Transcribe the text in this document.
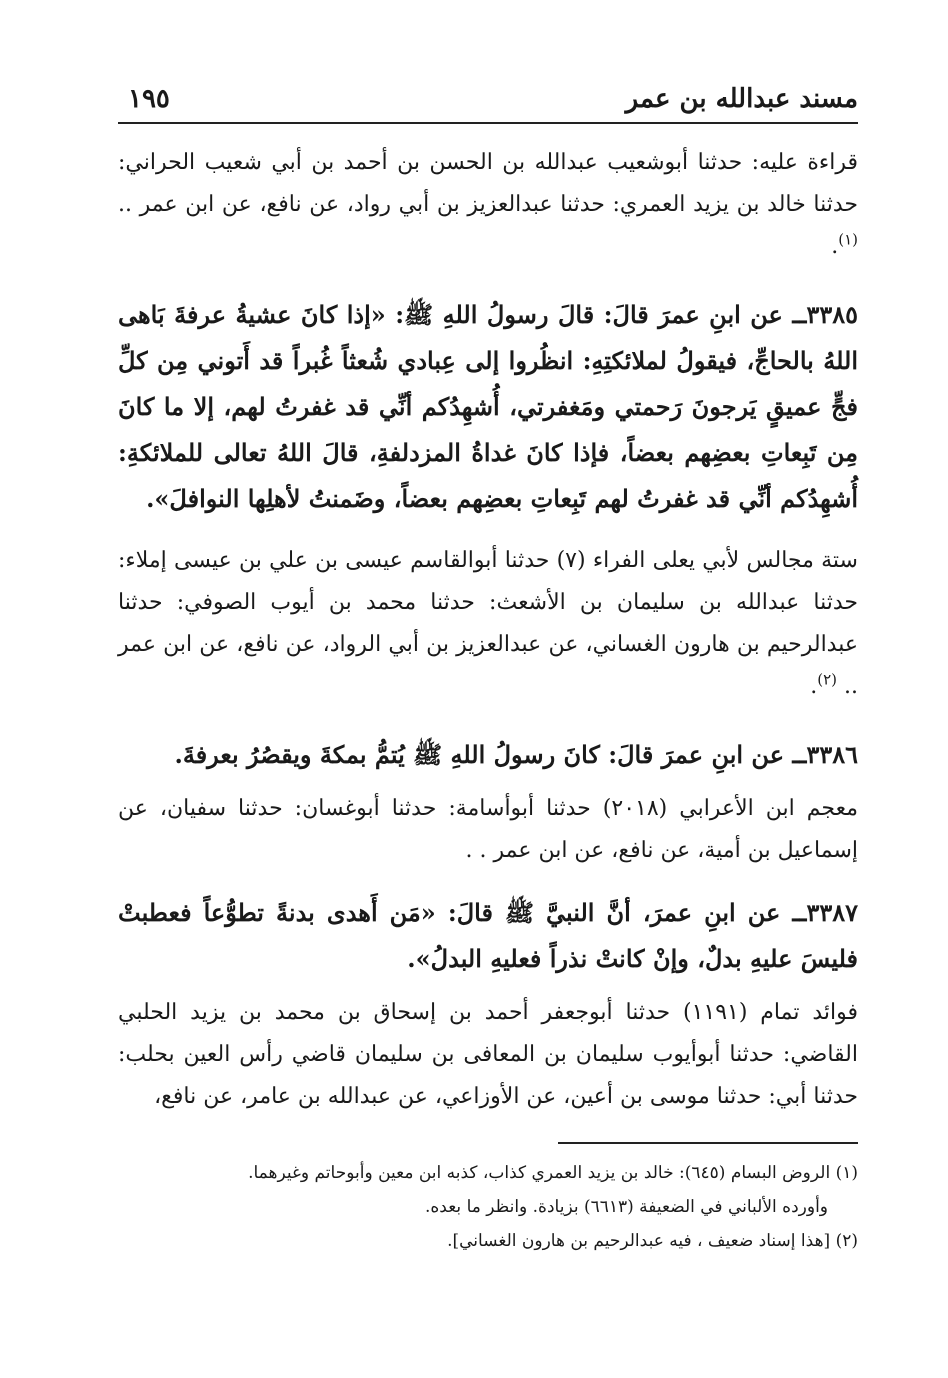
مسند عبدالله بن عمر
١٩٥

قراءة عليه: حدثنا أبوشعيب عبدالله بن الحسن بن أحمد بن أبي شعيب الحراني: حدثنا خالد بن يزيد العمري: حدثنا عبدالعزيز بن أبي رواد، عن نافع، عن ابن عمر .. $^{(١)}$.

٣٣٨٥ــ عن ابنِ عمرَ قالَ: قالَ رسولُ اللهِ ﷺ: «إذا كانَ عشيةُ عرفةَ بَاهى اللهُ بالحاجِّ، فيقولُ لملائكتِهِ: انظُروا إلى عِبادي شُعثاً غُبراً قد أَتوني مِن كلِّ فجٍّ عميقٍ يَرجونَ رَحمتي ومَغفرتي، أُشهِدُكم أنِّي قد غفرتُ لهم، إلا ما كانَ مِن تَبِعاتِ بعضِهم بعضاً، فإذا كانَ غداةُ المزدلفةِ، قالَ اللهُ تعالى للملائكةِ: أُشهِدُكم أنِّي قد غفرتُ لهم تَبِعاتِ بعضِهم بعضاً، وضَمنتُ لأهلِها النوافلَ».

ستة مجالس لأبي يعلى الفراء (٧) حدثنا أبوالقاسم عيسى بن علي بن عيسى إملاء: حدثنا عبدالله بن سليمان بن الأشعث: حدثنا محمد بن أيوب الصوفي: حدثنا عبدالرحيم بن هارون الغساني، عن عبدالعزيز بن أبي الرواد، عن نافع، عن ابن عمر .. $^{(٢)}$.

٣٣٨٦ــ عن ابنِ عمرَ قالَ: كانَ رسولُ اللهِ ﷺ يُتمُّ بمكةَ ويقصُرُ بعرفةَ.

معجم ابن الأعرابي (٢٠١٨) حدثنا أبوأسامة: حدثنا أبوغسان: حدثنا سفيان، عن إسماعيل بن أمية، عن نافع، عن ابن عمر . .

٣٣٨٧ــ عن ابنِ عمرَ، أنَّ النبيَّ ﷺ قالَ: «مَن أَهدى بدنةً تطوُّعاً فعطبتْ فليسَ عليهِ بدلٌ، وإنْ كانتْ نذراً فعليهِ البدلُ».

فوائد تمام (١١٩١) حدثنا أبوجعفر أحمد بن إسحاق بن محمد بن يزيد الحلبي القاضي: حدثنا أبوأيوب سليمان بن المعافى بن سليمان قاضي رأس العين بحلب: حدثنا أبي: حدثنا موسى بن أعين، عن الأوزاعي، عن عبدالله بن عامر، عن نافع،

(١) الروض البسام (٦٤٥): خالد بن يزيد العمري كذاب، كذبه ابن معين وأبوحاتم وغيرهما.

وأورده الألباني في الضعيفة (٦٦١٣) بزيادة. وانظر ما بعده.

(٢) [هذا إسناد ضعيف ، فيه عبدالرحيم بن هارون الغساني].
